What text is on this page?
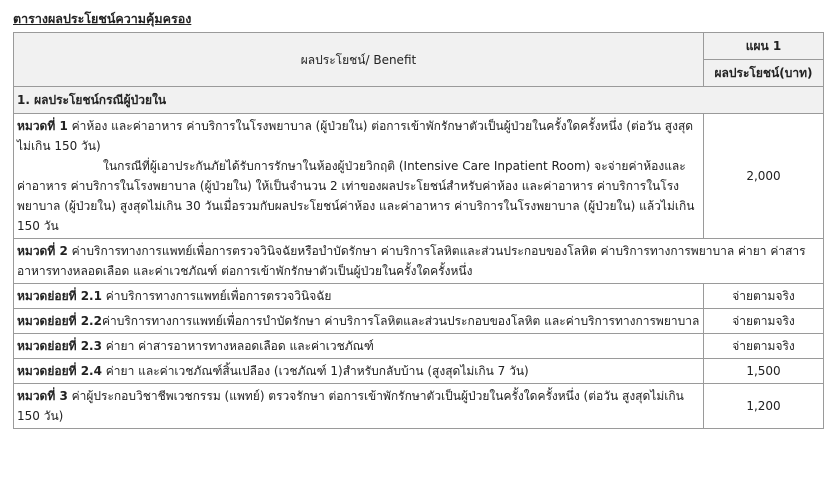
ตารางผลประโยชน์ความคุ้มครอง
ผลประโยชน์/ Benefit	แผน 1
	ผลประโยชน์(บาท)
1. ผลประโยชน์กรณีผู้ป่วยใน	
หมวดที่ 1 ค่าห้อง และค่าอาหาร ค่าบริการในโรงพยาบาล (ผู้ป่วยใน) ต่อการเข้าพักรักษาตัวเป็นผู้ป่วยในครั้งใดครั้งหนึ่ง (ต่อวัน สูงสุดไม่เกิน 150 วัน)
ในกรณีที่ผู้เอาประกันภัยได้รับการรักษาในห้องผู้ป่วยวิกฤติ (Intensive Care Inpatient Room) จะจ่ายค่าห้องและค่าอาหาร ค่าบริการในโรงพยาบาล (ผู้ป่วยใน) ให้เป็นจำนวน 2 เท่าของผลประโยชน์สำหรับค่าห้อง และค่าอาหาร ค่าบริการในโรงพยาบาล (ผู้ป่วยใน) สูงสุดไม่เกิน 30 วันเมื่อรวมกับผลประโยชน์ค่าห้อง และค่าอาหาร ค่าบริการในโรงพยาบาล (ผู้ป่วยใน) แล้วไม่เกิน 150 วัน	2,000
หมวดที่ 2 ค่าบริการทางการแพทย์เพื่อการตรวจวินิจฉัยหรือบำบัดรักษา ค่าบริการโลหิตและส่วนประกอบของโลหิต ค่าบริการทางการพยาบาล ค่ายา ค่าสารอาหารทางหลอดเลือด และค่าเวชภัณฑ์ ต่อการเข้าพักรักษาตัวเป็นผู้ป่วยในครั้งใดครั้งหนึ่ง	
หมวดย่อยที่ 2.1 ค่าบริการทางการแพทย์เพื่อการตรวจวินิจฉัย	จ่ายตามจริง
หมวดย่อยที่ 2.2ค่าบริการทางการแพทย์เพื่อการบำบัดรักษา ค่าบริการโลหิตและส่วนประกอบของโลหิต และค่าบริการทางการพยาบาล	จ่ายตามจริง
หมวดย่อยที่ 2.3 ค่ายา ค่าสารอาหารทางหลอดเลือด และค่าเวชภัณฑ์	จ่ายตามจริง
หมวดย่อยที่ 2.4 ค่ายา และค่าเวชภัณฑ์สิ้นเปลือง (เวชภัณฑ์ 1)สำหรับกลับบ้าน (สูงสุดไม่เกิน 7 วัน)	1,500
หมวดที่ 3 ค่าผู้ประกอบวิชาชีพเวชกรรม (แพทย์) ตรวจรักษา ต่อการเข้าพักรักษาตัวเป็นผู้ป่วยในครั้งใดครั้งหนึ่ง (ต่อวัน สูงสุดไม่เกิน 150 วัน)	1,200
